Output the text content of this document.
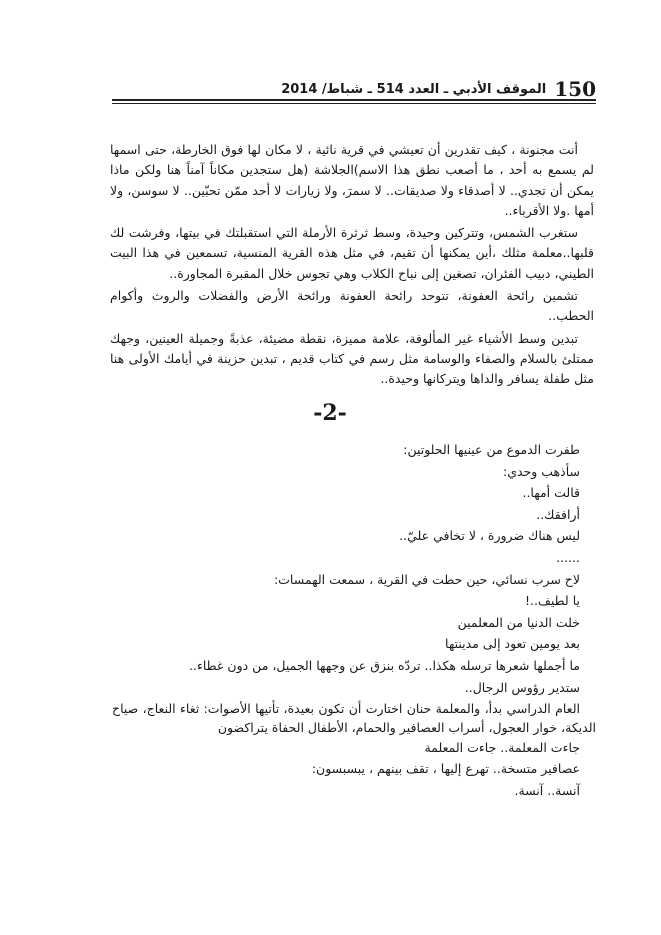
150
الموقف الأدبي ـ العدد 514 ـ شباط/ 2014

أنت مجنونة ، كيف تقدرين أن تعيشي في قرية نائية ، لا مكان لها فوق الخارطة، حتى اسمها لم يسمع به أحد ، ما أصعب نطق هذا الاسم)الجلاشة (هل ستجدين مكاناً آمناً هنا ولكن ماذا يمكن أن تجدي.. لا أصدقاء ولا صديقات.. لا سمرَ، ولا زيارات لا أحد ممّن تحبّين.. لا سوسن، ولا أمها .ولا الأقرباء..

ستغرب الشمس، وتتركين وحيدة، وسط ثرثرة الأرملة التي استقبلتك في بيتها، وفرشت لك قلبها..معلمة مثلك ،أين يمكنها أن تقيم، في مثل هذه القرية المنسية، تسمعين في هذا البيت الطيني، دبيب الفئران، تصغين إلى نباح الكلاب وهي تجوس خلال المقبرة المجاورة..

تشمين رائحة العفونة، تتوحد رائحة العفونة ورائحة الأرض والفضلات والروث وأكوام الحطب..

تبدين وسط الأشياء غير المألوفة، علامة مميزة، نقطة مضيئة، عذبةً وجميلة العينين، وجهك ممتلئ بالسلام والصفاء والوسامة مثل رسم في كتاب قديم ، تبدين حزينة في أيامك الأولى هنا مثل طفلة يسافر والداها ويتركانها وحيدة..

-2-

طفرت الدموع من عينيها الحلوتين:

سأذهب وحدي:

قالت أمها..

أرافقك..

ليس هناك ضرورة ، لا تخافي عليّ..

......

لاح سرب نسائي، حين حطت في القرية ، سمعت الهمسات:

يا لطيف..!

خلت الدنيا من المعلمين

بعد يومين تعود إلى مدينتها

ما أجملها شعرها ترسله هكذا.. تردّه بنزق عن وجهها الجميل، من دون غطاء..

ستدير رؤوس الرجال..

العام الدراسي بدأ، والمعلمة حنان اختارت أن تكون بعيدة، تأتيها الأصوات: ثغاء النعاج، صياح الديكة، خوار العجول، أسراب العصافير والحمام، الأطفال الحفاة يتراكضون

جاءت المعلمة.. جاءت المعلمة

عصافير متسخة.. تهرع إليها ، تقف بينهم ، يبسبسون:

آنسة.. آنسة.
